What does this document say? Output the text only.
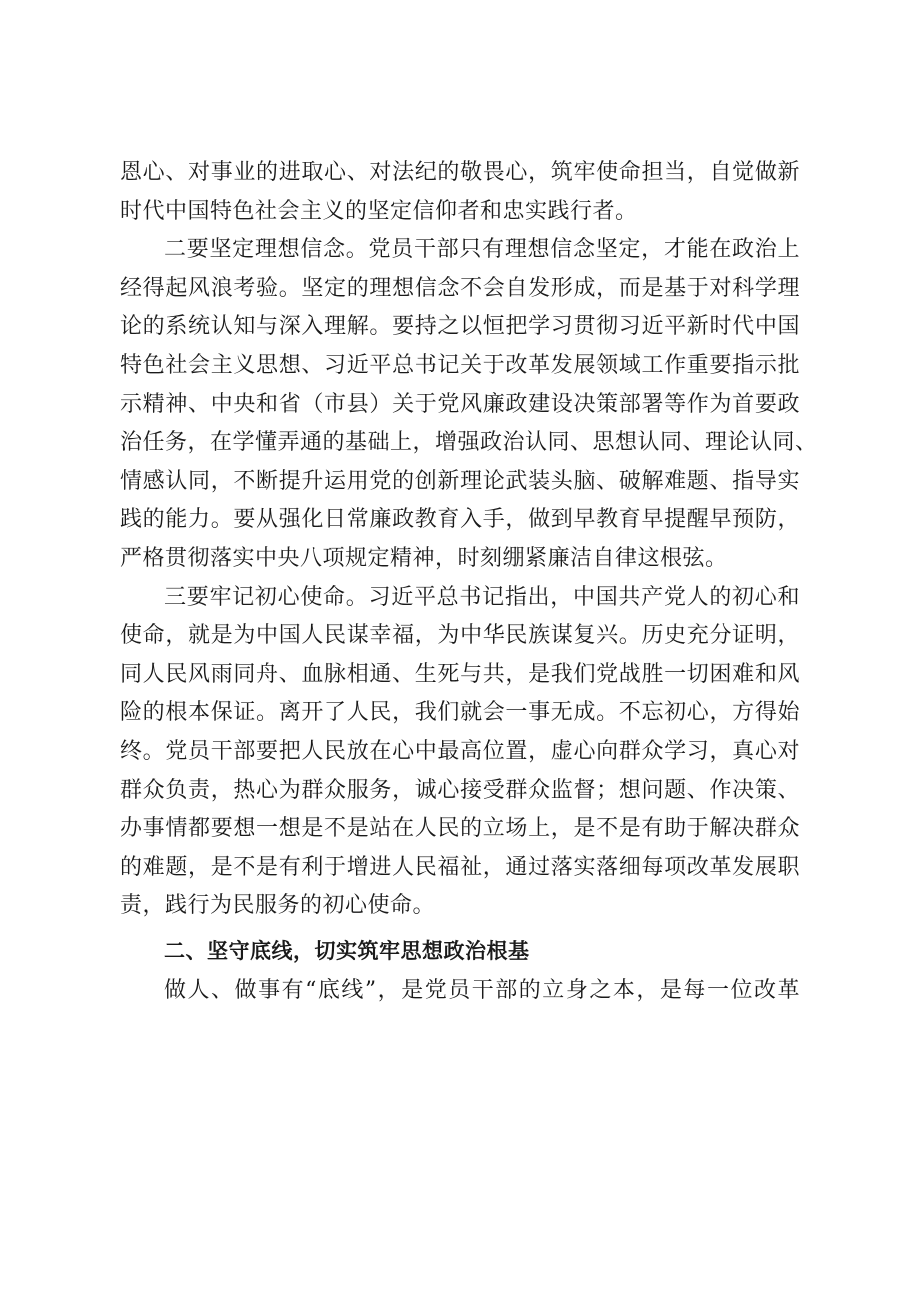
恩心、对事业的进取心、对法纪的敬畏心，筑牢使命担当，自觉做新
时代中国特色社会主义的坚定信仰者和忠实践行者。
二要坚定理想信念。党员干部只有理想信念坚定，才能在政治上
经得起风浪考验。坚定的理想信念不会自发形成，而是基于对科学理
论的系统认知与深入理解。要持之以恒把学习贯彻习近平新时代中国
特色社会主义思想、习近平总书记关于改革发展领域工作重要指示批
示精神、中央和省（市县）关于党风廉政建设决策部署等作为首要政
治任务，在学懂弄通的基础上，增强政治认同、思想认同、理论认同、
情感认同，不断提升运用党的创新理论武装头脑、破解难题、指导实
践的能力。要从强化日常廉政教育入手，做到早教育早提醒早预防，
严格贯彻落实中央八项规定精神，时刻绷紧廉洁自律这根弦。
三要牢记初心使命。习近平总书记指出，中国共产党人的初心和
使命，就是为中国人民谋幸福，为中华民族谋复兴。历史充分证明，
同人民风雨同舟、血脉相通、生死与共，是我们党战胜一切困难和风
险的根本保证。离开了人民，我们就会一事无成。不忘初心，方得始
终。党员干部要把人民放在心中最高位置，虚心向群众学习，真心对
群众负责，热心为群众服务，诚心接受群众监督；想问题、作决策、
办事情都要想一想是不是站在人民的立场上，是不是有助于解决群众
的难题，是不是有利于增进人民福祉，通过落实落细每项改革发展职
责，践行为民服务的初心使命。
二、坚守底线，切实筑牢思想政治根基
做人、做事有“底线”，是党员干部的立身之本，是每一位改革
